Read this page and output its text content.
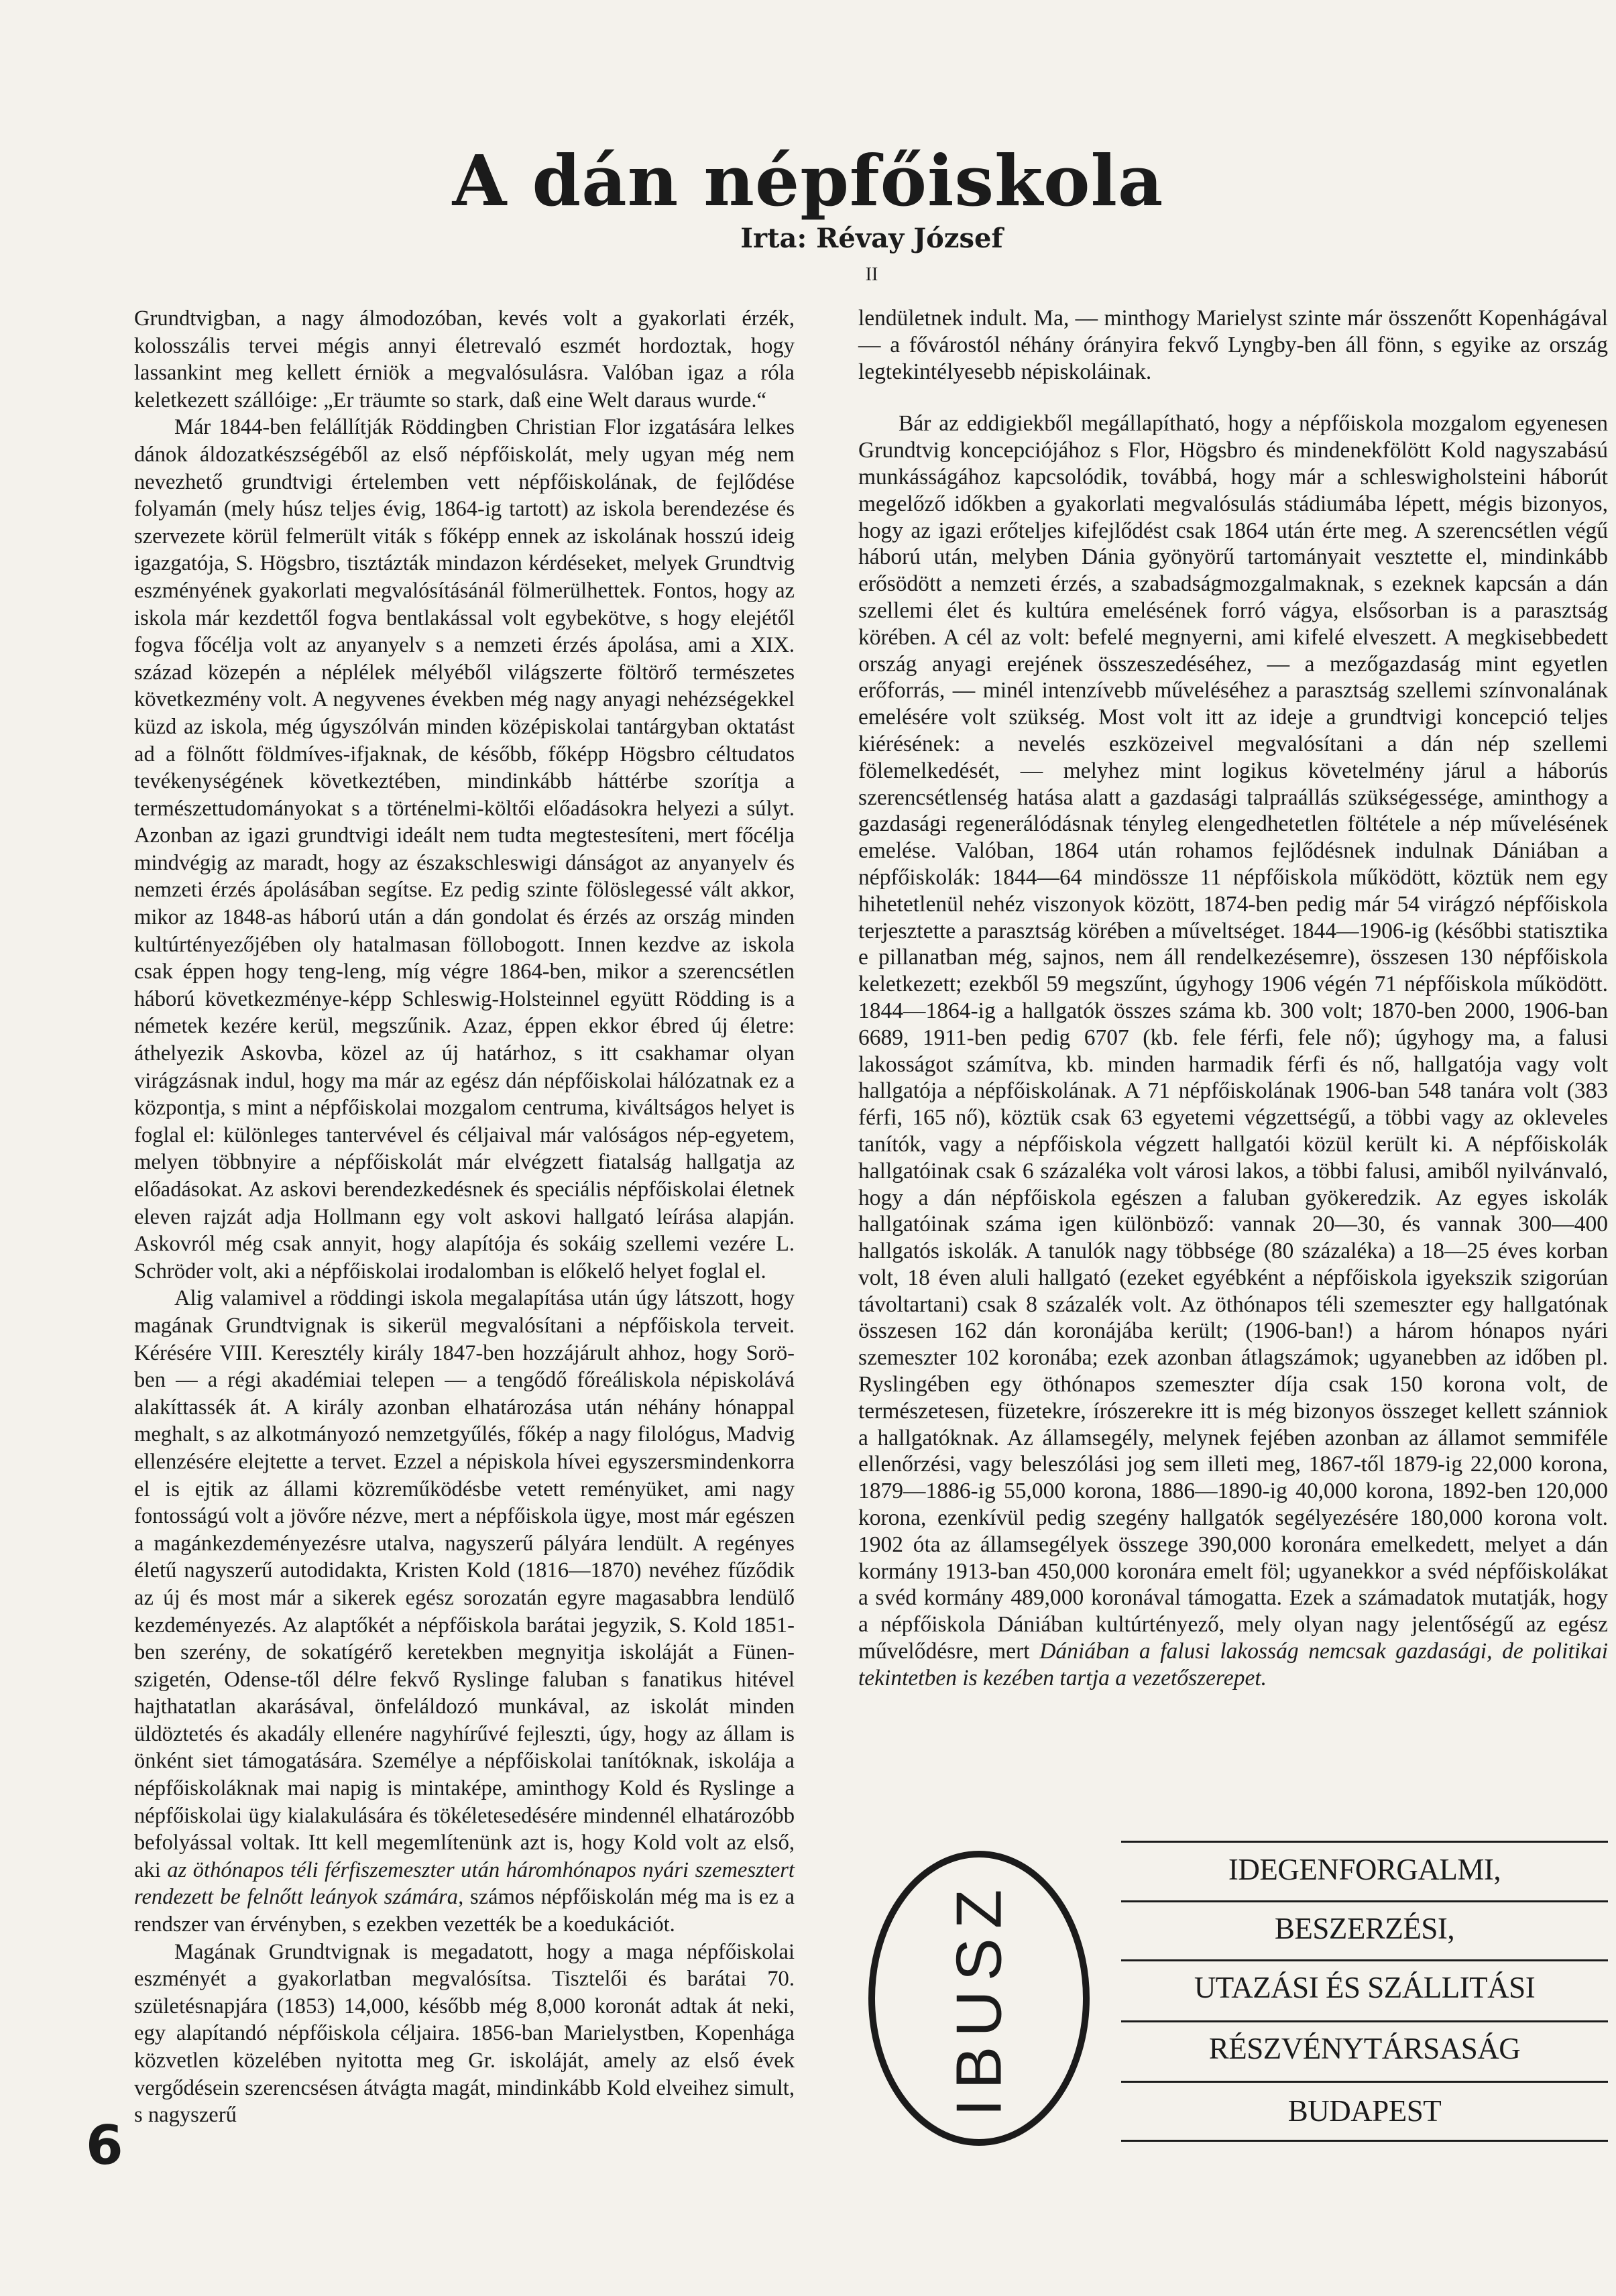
A dán népfőiskola
Irta: Révay József
II

Grundtvigban, a nagy álmodozóban, kevés volt a gyakorlati érzék, kolosszális tervei mégis annyi életrevaló eszmét hordoztak, hogy lassankint meg kellett érniök a megvalósulásra. Valóban igaz a róla keletkezett szállóige: „Er träumte so stark, daß eine Welt daraus wurde.“

Már 1844-ben felállítják Röddingben Christian Flor izgatására lelkes dánok áldozatkészségéből az első népfőiskolát, mely ugyan még nem nevezhető grundtvigi értelemben vett népfőiskolának, de fejlődése folyamán (mely húsz teljes évig, 1864-ig tartott) az iskola berendezése és szervezete körül felmerült viták s főképp ennek az iskolának hosszú ideig igazgatója, S. Högsbro, tisztázták mindazon kérdéseket, melyek Grundtvig eszményének gyakorlati megvalósításánál fölmerülhettek. Fontos, hogy az iskola már kezdettől fogva bentlakással volt egybekötve, s hogy elejétől fogva főcélja volt az anyanyelv s a nemzeti érzés ápolása, ami a XIX. század közepén a néplélek mélyéből világszerte föltörő természetes következmény volt. A negyvenes években még nagy anyagi nehézségekkel küzd az iskola, még úgyszólván minden középiskolai tantárgyban oktatást ad a fölnőtt földmíves-ifjaknak, de később, főképp Högsbro céltudatos tevékenységének következtében, mindinkább háttérbe szorítja a természettudományokat s a történelmi-költői előadásokra helyezi a súlyt. Azonban az igazi grundtvigi ideált nem tudta megtestesíteni, mert főcélja mindvégig az maradt, hogy az északschleswigi dánságot az anyanyelv és nemzeti érzés ápolásában segítse. Ez pedig szinte fölöslegessé vált akkor, mikor az 1848-as háború után a dán gondolat és érzés az ország minden kultúrtényezőjében oly hatalmasan föllobogott. Innen kezdve az iskola csak éppen hogy teng-leng, míg végre 1864-ben, mikor a szerencsétlen háború következménye-képp Schleswig-Holsteinnel együtt Rödding is a németek kezére kerül, megszűnik. Azaz, éppen ekkor ébred új életre: áthelyezik Askovba, közel az új határhoz, s itt csakhamar olyan virágzásnak indul, hogy ma már az egész dán népfőiskolai hálózatnak ez a központja, s mint a népfőiskolai mozgalom centruma, kiváltságos helyet is foglal el: különleges tantervével és céljaival már valóságos nép-egyetem, melyen többnyire a népfőiskolát már elvégzett fiatalság hallgatja az előadásokat. Az askovi berendezkedésnek és speciális népfőiskolai életnek eleven rajzát adja Hollmann egy volt askovi hallgató leírása alapján. Askovról még csak annyit, hogy alapítója és sokáig szellemi vezére L. Schröder volt, aki a népfőiskolai irodalomban is előkelő helyet foglal el.

Alig valamivel a röddingi iskola megalapítása után úgy látszott, hogy magának Grundtvignak is sikerül megvalósítani a népfőiskola terveit. Kérésére VIII. Keresztély király 1847-ben hozzájárult ahhoz, hogy Sorö-ben — a régi akadémiai telepen — a tengődő főreáliskola népiskolává alakíttassék át. A király azonban elhatározása után néhány hónappal meghalt, s az alkotmányozó nemzetgyűlés, főkép a nagy filológus, Madvig ellenzésére elejtette a tervet. Ezzel a népiskola hívei egyszersmindenkorra el is ejtik az állami közreműködésbe vetett reményüket, ami nagy fontosságú volt a jövőre nézve, mert a népfőiskola ügye, most már egészen a magánkezdeményezésre utalva, nagyszerű pályára lendült. A regényes életű nagyszerű autodidakta, Kristen Kold (1816—1870) nevéhez fűződik az új és most már a sikerek egész sorozatán egyre magasabbra lendülő kezdeményezés. Az alaptőkét a népfőiskola barátai jegyzik, S. Kold 1851-ben szerény, de sokatígérő keretekben megnyitja iskoláját a Fünen-szigetén, Odense-től délre fekvő Ryslinge faluban s fanatikus hitével hajthatatlan akarásával, önfeláldozó munkával, az iskolát minden üldöztetés és akadály ellenére nagyhírűvé fejleszti, úgy, hogy az állam is önként siet támogatására. Személye a népfőiskolai tanítóknak, iskolája a népfőiskoláknak mai napig is mintaképe, aminthogy Kold és Ryslinge a népfőiskolai ügy kialakulására és tökéletesedésére mindennél elhatározóbb befolyással voltak. Itt kell megemlítenünk azt is, hogy Kold volt az első, aki az öthónapos téli férfiszemeszter után háromhónapos nyári szemesztert rendezett be felnőtt leányok számára, számos népfőiskolán még ma is ez a rendszer van érvényben, s ezekben vezették be a koedukációt.

Magának Grundtvignak is megadatott, hogy a maga népfőiskolai eszményét a gyakorlatban megvalósítsa. Tisztelői és barátai 70. születésnapjára (1853) 14,000, később még 8,000 koronát adtak át neki, egy alapítandó népfőiskola céljaira. 1856-ban Marielystben, Kopenhága közvetlen közelében nyitotta meg Gr. iskoláját, amely az első évek vergődésein szerencsésen átvágta magát, mindinkább Kold elveihez simult, s nagyszerű

lendületnek indult. Ma, — minthogy Marielyst szinte már összenőtt Kopenhágával — a fővárostól néhány órányira fekvő Lyngby-ben áll fönn, s egyike az ország legtekintélyesebb népiskoláinak.

Bár az eddigiekből megállapítható, hogy a népfőiskola mozgalom egyenesen Grundtvig koncepciójához s Flor, Högsbro és mindenekfölött Kold nagyszabású munkásságához kapcsolódik, továbbá, hogy már a schleswigholsteini háborút megelőző időkben a gyakorlati megvalósulás stádiumába lépett, mégis bizonyos, hogy az igazi erőteljes kifejlődést csak 1864 után érte meg. A szerencsétlen végű háború után, melyben Dánia gyönyörű tartományait vesztette el, mindinkább erősödött a nemzeti érzés, a szabadságmozgalmaknak, s ezeknek kapcsán a dán szellemi élet és kultúra emelésének forró vágya, elsősorban is a parasztság körében. A cél az volt: befelé megnyerni, ami kifelé elveszett. A megkisebbedett ország anyagi erejének összeszedéséhez, — a mezőgazdaság mint egyetlen erőforrás, — minél intenzívebb műveléséhez a parasztság szellemi színvonalának emelésére volt szükség. Most volt itt az ideje a grundtvigi koncepció teljes kiérésének: a nevelés eszközeivel megvalósítani a dán nép szellemi fölemelkedését, — melyhez mint logikus követelmény járul a háborús szerencsétlenség hatása alatt a gazdasági talpraállás szükségessége, aminthogy a gazdasági regenerálódásnak tényleg elengedhetetlen föltétele a nép művelésének emelése. Valóban, 1864 után rohamos fejlődésnek indulnak Dániában a népfőiskolák: 1844—64 mindössze 11 népfőiskola működött, köztük nem egy hihetetlenül nehéz viszonyok között, 1874-ben pedig már 54 virágzó népfőiskola terjesztette a parasztság körében a műveltséget. 1844—1906-ig (későbbi statisztika e pillanatban még, sajnos, nem áll rendelkezésemre), összesen 130 népfőiskola keletkezett; ezekből 59 megszűnt, úgyhogy 1906 végén 71 népfőiskola működött. 1844—1864-ig a hallgatók összes száma kb. 300 volt; 1870-ben 2000, 1906-ban 6689, 1911-ben pedig 6707 (kb. fele férfi, fele nő); úgyhogy ma, a falusi lakosságot számítva, kb. minden harmadik férfi és nő, hallgatója vagy volt hallgatója a népfőiskolának. A 71 népfőiskolának 1906-ban 548 tanára volt (383 férfi, 165 nő), köztük csak 63 egyetemi végzettségű, a többi vagy az okleveles tanítók, vagy a népfőiskola végzett hallgatói közül került ki. A népfőiskolák hallgatóinak csak 6 százaléka volt városi lakos, a többi falusi, amiből nyilvánvaló, hogy a dán népfőiskola egészen a faluban gyökeredzik. Az egyes iskolák hallgatóinak száma igen különböző: vannak 20—30, és vannak 300—400 hallgatós iskolák. A tanulók nagy többsége (80 százaléka) a 18—25 éves korban volt, 18 éven aluli hallgató (ezeket egyébként a népfőiskola igyekszik szigorúan távoltartani) csak 8 százalék volt. Az öthónapos téli szemeszter egy hallgatónak összesen 162 dán koronájába került; (1906-ban!) a három hónapos nyári szemeszter 102 koronába; ezek azonban átlagszámok; ugyanebben az időben pl. Ryslingében egy öthónapos szemeszter díja csak 150 korona volt, de természetesen, füzetekre, írószerekre itt is még bizonyos összeget kellett szánniok a hallgatóknak. Az államsegély, melynek fejében azonban az államot semmiféle ellenőrzési, vagy beleszólási jog sem illeti meg, 1867-től 1879-ig 22,000 korona, 1879—1886-ig 55,000 korona, 1886—1890-ig 40,000 korona, 1892-ben 120,000 korona, ezenkívül pedig szegény hallgatók segélyezésére 180,000 korona volt. 1902 óta az államsegélyek összege 390,000 koronára emelkedett, melyet a dán kormány 1913-ban 450,000 koronára emelt föl; ugyanekkor a svéd népfőiskolákat a svéd kormány 489,000 koronával támogatta. Ezek a számadatok mutatják, hogy a népfőiskola Dániában kultúrtényező, mely olyan nagy jelentőségű az egész művelődésre, mert Dániában a falusi lakosság nemcsak gazdasági, de politikai tekintetben is kezében tartja a vezetőszerepet.

IBUSZ
IDEGENFORGALMI,
BESZERZÉSI,
UTAZÁSI ÉS SZÁLLITÁSI
RÉSZVÉNYTÁRSASÁG
BUDAPEST
6
